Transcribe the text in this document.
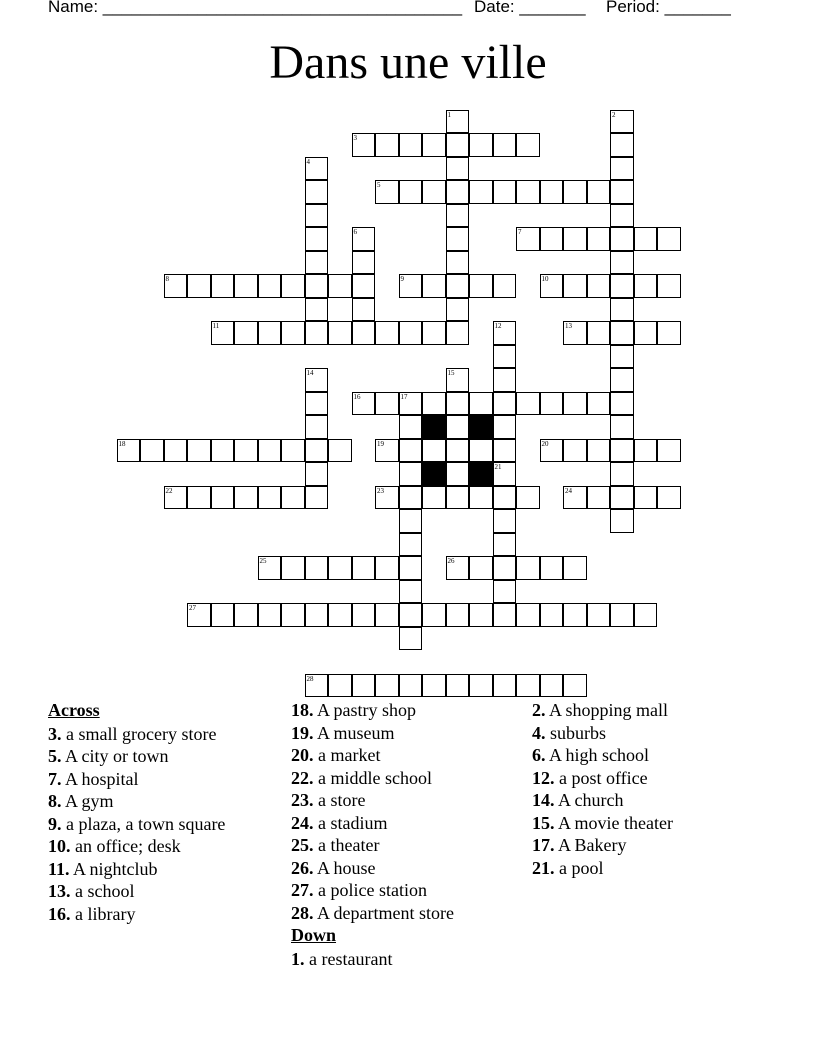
Name: ______________________________________ Date: _______ Period: _______
Dans une ville
1	2
3
4
5
6	7
8	9	10
11	12	13
14	15
16	17
18	19	20
21
22	23	24
25	26
27
28
Across
3. a small grocery store
5. A city or town
7. A hospital
8. A gym
9. a plaza, a town square
10. an office; desk
11. A nightclub
13. a school
16. a library
18. A pastry shop
19. A museum
20. a market
22. a middle school
23. a store
24. a stadium
25. a theater
26. A house
27. a police station
28. A department store
Down
1. a restaurant
2. A shopping mall
4. suburbs
6. A high school
12. a post office
14. A church
15. A movie theater
17. A Bakery
21. a pool
